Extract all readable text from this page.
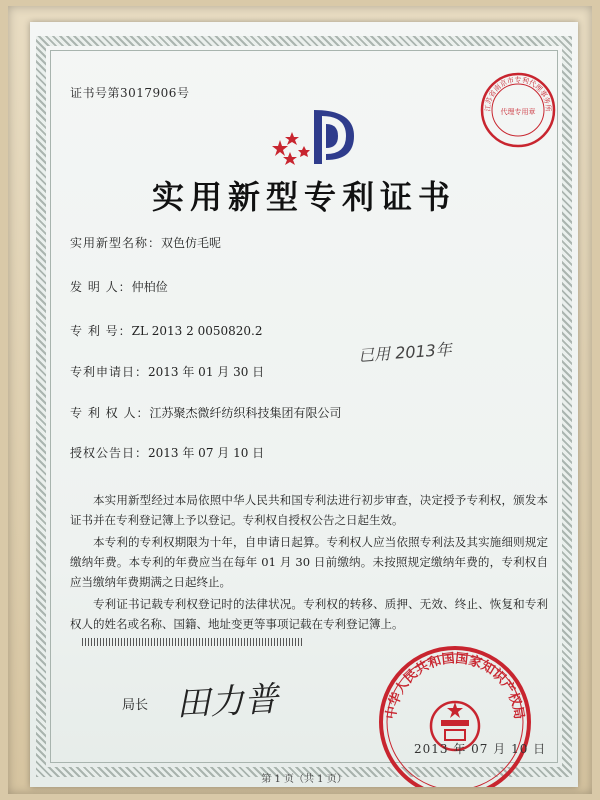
证书号第3017906号
江苏省南京市专利代理事务所
代理专用章
实用新型专利证书
实用新型名称：双色仿毛呢
发 明 人：仲柏俭
专 利 号：ZL 2013 2 0050820.2
已用 2013年
专利申请日：2013 年 01 月 30 日
专 利 权 人：江苏聚杰微纤纺织科技集团有限公司
授权公告日：2013 年 07 月 10 日

本实用新型经过本局依照中华人民共和国专利法进行初步审查，决定授予专利权，颁发本证书并在专利登记簿上予以登记。专利权自授权公告之日起生效。

本专利的专利权期限为十年，自申请日起算。专利权人应当依照专利法及其实施细则规定缴纳年费。本专利的年费应当在每年 01 月 30 日前缴纳。未按照规定缴纳年费的，专利权自应当缴纳年费期满之日起终止。

专利证书记载专利权登记时的法律状况。专利权的转移、质押、无效、终止、恢复和专利权人的姓名或名称、国籍、地址变更等事项记载在专利登记簿上。

局长 田力普	中华人民共和国国家知识产权局
2013 年 07 月 10 日
第 1 页（共 1 页）
